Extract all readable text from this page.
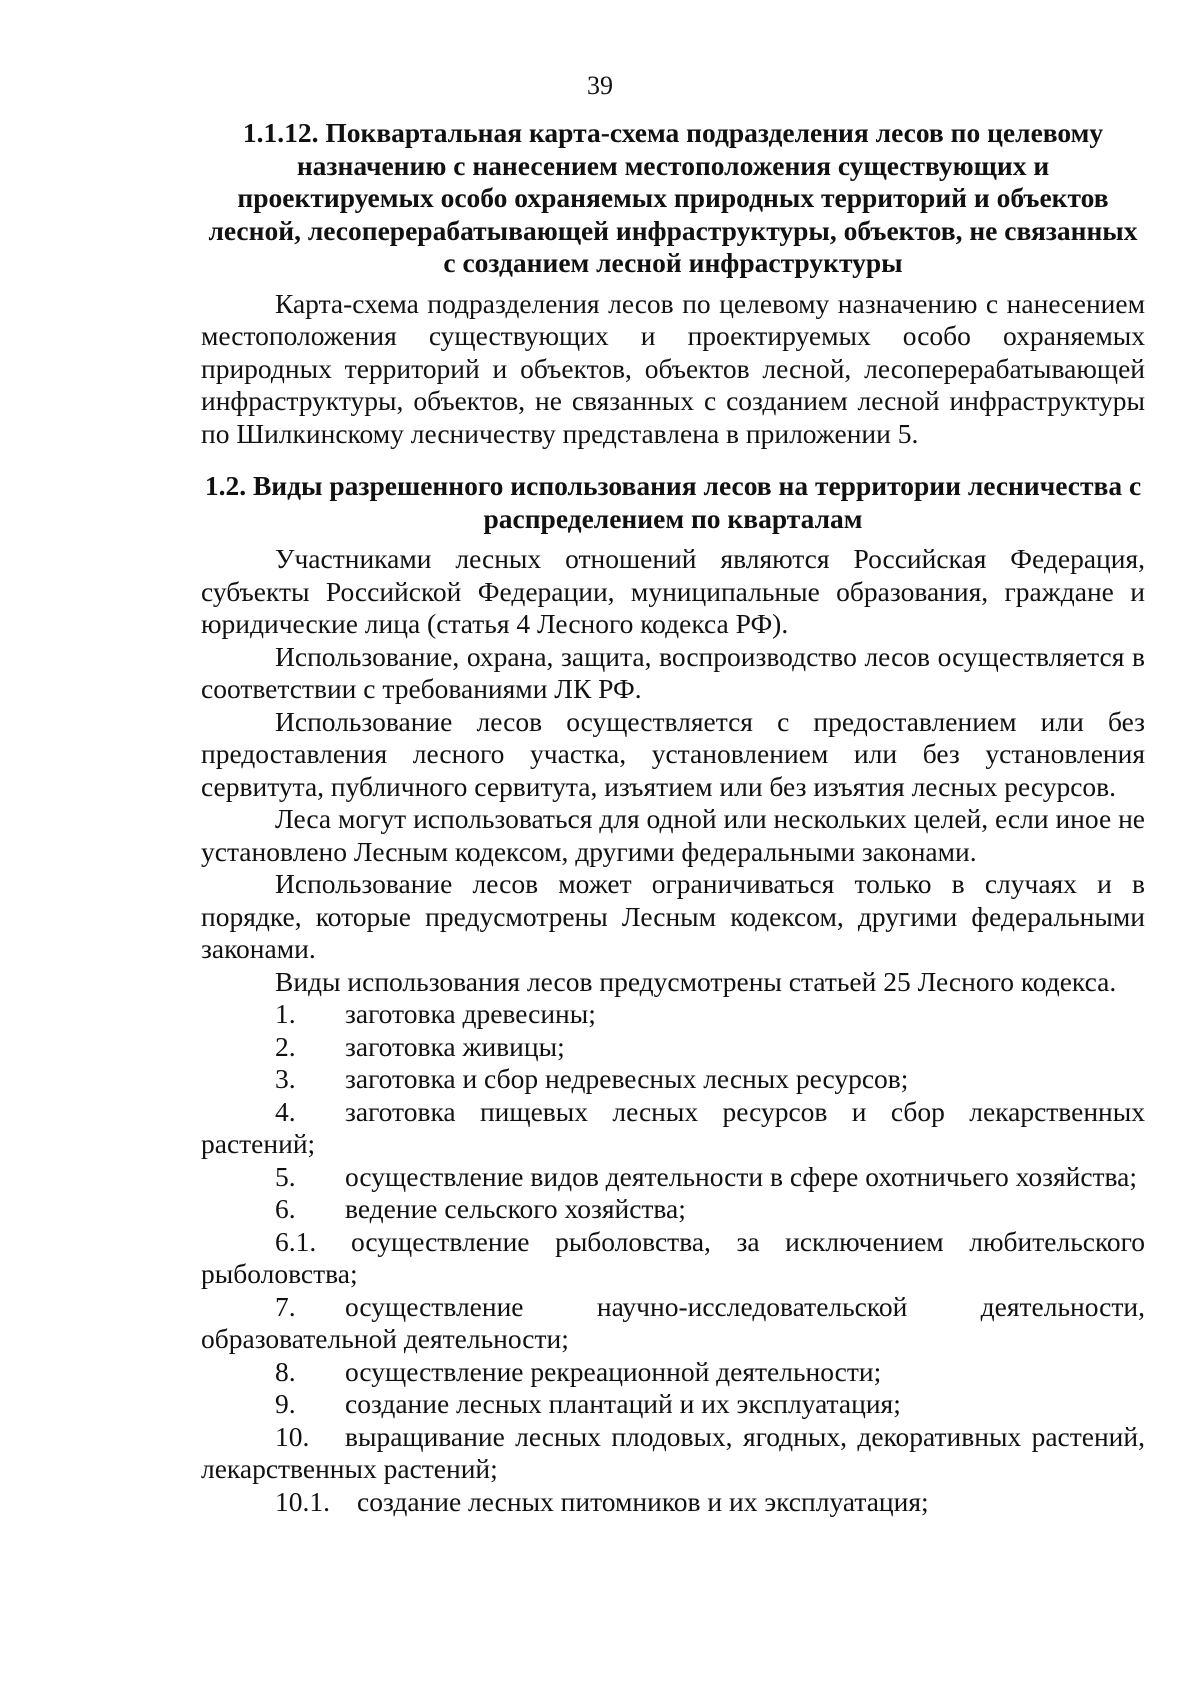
39
1.1.12. Поквартальная карта-схема подразделения лесов по целевому назначению с нанесением местоположения существующих и проектируемых особо охраняемых природных территорий и объектов лесной, лесоперерабатывающей инфраструктуры, объектов, не связанных с созданием лесной инфраструктуры

Карта-схема подразделения лесов по целевому назначению с нанесением местоположения существующих и проектируемых особо охраняемых природных территорий и объектов, объектов лесной, лесоперерабатывающей инфраструктуры, объектов, не связанных с созданием лесной инфраструктуры по Шилкинскому лесничеству представлена в приложении 5.

1.2. Виды разрешенного использования лесов на территории лесничества с распределением по кварталам

Участниками лесных отношений являются Российская Федерация, субъекты Российской Федерации, муниципальные образования, граждане и юридические лица (статья 4 Лесного кодекса РФ).

Использование, охрана, защита, воспроизводство лесов осуществляется в соответствии с требованиями ЛК РФ.

Использование лесов осуществляется с предоставлением или без предоставления лесного участка, установлением или без установления сервитута, публичного сервитута, изъятием или без изъятия лесных ресурсов.

Леса могут использоваться для одной или нескольких целей, если иное не установлено Лесным кодексом, другими федеральными законами.

Использование лесов может ограничиваться только в случаях и в порядке, которые предусмотрены Лесным кодексом, другими федеральными законами.

Виды использования лесов предусмотрены статьей 25 Лесного кодекса.

1. заготовка древесины;
2. заготовка живицы;
3. заготовка и сбор недревесных лесных ресурсов;
4. заготовка пищевых лесных ресурсов и сбор лекарственных растений;
5. осуществление видов деятельности в сфере охотничьего хозяйства;
6. ведение сельского хозяйства;
6.1. осуществление рыболовства, за исключением любительского рыболовства;
7. осуществление научно-исследовательской деятельности, образовательной деятельности;
8. осуществление рекреационной деятельности;
9. создание лесных плантаций и их эксплуатация;
10. выращивание лесных плодовых, ягодных, декоративных растений, лекарственных растений;
10.1. создание лесных питомников и их эксплуатация;
